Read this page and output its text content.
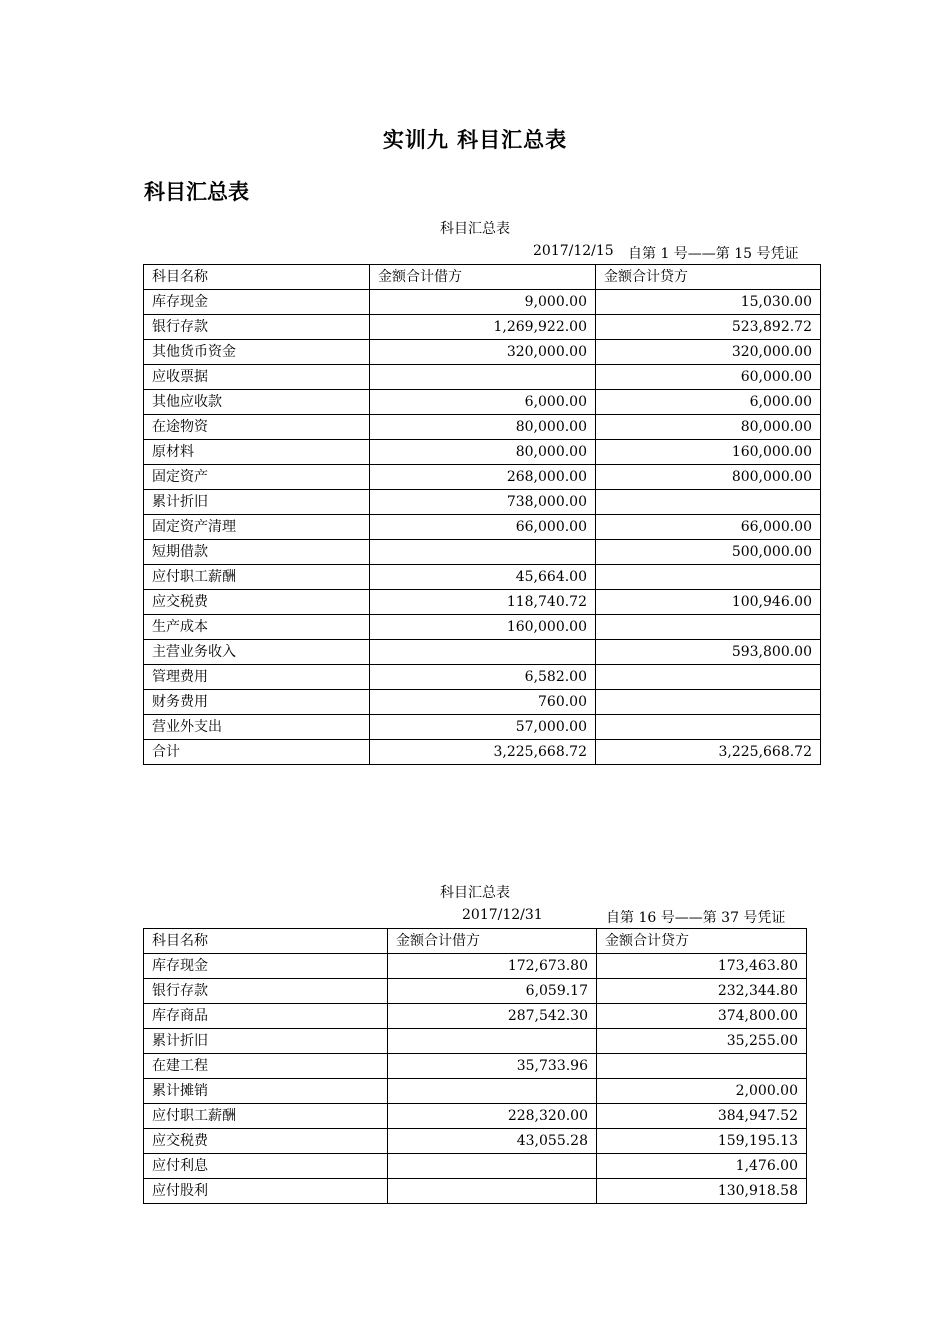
实训九 科目汇总表
科目汇总表
科目汇总表
2017/12/15 自第 1 号——第 15 号凭证
科目名称	金额合计借方	金额合计贷方
库存现金	9,000.00	15,030.00
银行存款	1,269,922.00	523,892.72
其他货币资金	320,000.00	320,000.00
应收票据		60,000.00
其他应收款	6,000.00	6,000.00
在途物资	80,000.00	80,000.00
原材料	80,000.00	160,000.00
固定资产	268,000.00	800,000.00
累计折旧	738,000.00	
固定资产清理	66,000.00	66,000.00
短期借款		500,000.00
应付职工薪酬	45,664.00	
应交税费	118,740.72	100,946.00
生产成本	160,000.00	
主营业务收入		593,800.00
管理费用	6,582.00	
财务费用	760.00	
营业外支出	57,000.00	
合计	3,225,668.72	3,225,668.72
科目汇总表
2017/12/31	自第 16 号——第 37 号凭证
科目名称	金额合计借方	金额合计贷方
库存现金	172,673.80	173,463.80
银行存款	6,059.17	232,344.80
库存商品	287,542.30	374,800.00
累计折旧		35,255.00
在建工程	35,733.96	
累计摊销		2,000.00
应付职工薪酬	228,320.00	384,947.52
应交税费	43,055.28	159,195.13
应付利息		1,476.00
应付股利		130,918.58
